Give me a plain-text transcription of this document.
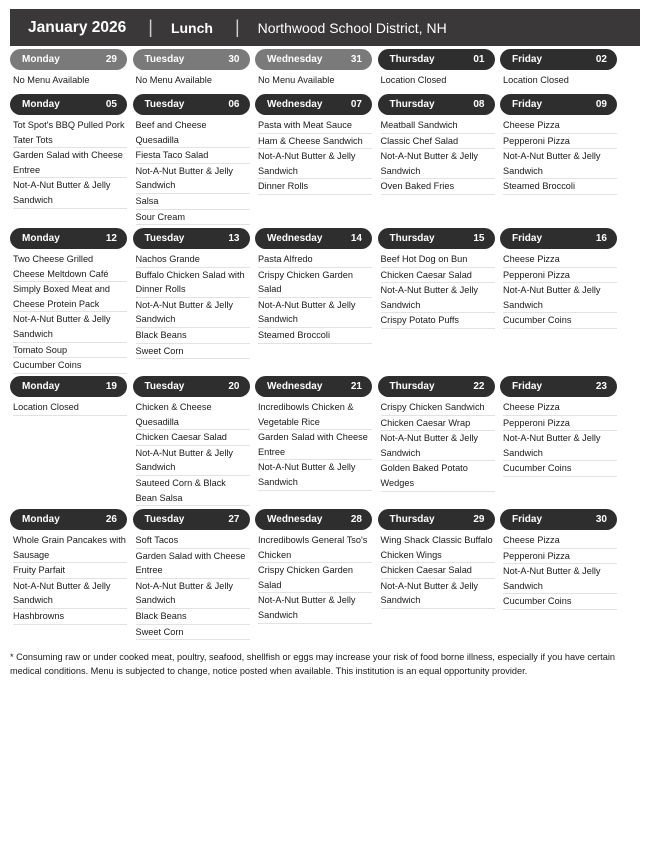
January 2026 | Lunch | Northwood School District, NH
Monday	29
No Menu Available
Tuesday	30
No Menu Available
Wednesday	31
No Menu Available
Thursday	01
Location Closed
Friday	02
Location Closed
Monday	05
Tot Spot's BBQ Pulled Pork Tater Tots
Garden Salad with Cheese Entree
Not-A-Nut Butter & Jelly Sandwich
Tuesday	06
Beef and Cheese Quesadilla
Fiesta Taco Salad
Not-A-Nut Butter & Jelly Sandwich
Salsa
Sour Cream
Wednesday	07
Pasta with Meat Sauce
Ham & Cheese Sandwich
Not-A-Nut Butter & Jelly Sandwich
Dinner Rolls
Thursday	08
Meatball Sandwich
Classic Chef Salad
Not-A-Nut Butter & Jelly Sandwich
Oven Baked Fries
Friday	09
Cheese Pizza
Pepperoni Pizza
Not-A-Nut Butter & Jelly Sandwich
Steamed Broccoli
Monday	12
Two Cheese Grilled Cheese Meltdown Café
Simply Boxed Meat and Cheese Protein Pack
Not-A-Nut Butter & Jelly Sandwich
Tomato Soup
Cucumber Coins
Tuesday	13
Nachos Grande
Buffalo Chicken Salad with Dinner Rolls
Not-A-Nut Butter & Jelly Sandwich
Black Beans
Sweet Corn
Wednesday	14
Pasta Alfredo
Crispy Chicken Garden Salad
Not-A-Nut Butter & Jelly Sandwich
Steamed Broccoli
Thursday	15
Beef Hot Dog on Bun
Chicken Caesar Salad
Not-A-Nut Butter & Jelly Sandwich
Crispy Potato Puffs
Friday	16
Cheese Pizza
Pepperoni Pizza
Not-A-Nut Butter & Jelly Sandwich
Cucumber Coins
Monday	19
Location Closed
Tuesday	20
Chicken & Cheese Quesadilla
Chicken Caesar Salad
Not-A-Nut Butter & Jelly Sandwich
Sauteed Corn & Black Bean Salsa
Wednesday	21
Incredibowls Chicken & Vegetable Rice
Garden Salad with Cheese Entree
Not-A-Nut Butter & Jelly Sandwich
Thursday	22
Crispy Chicken Sandwich
Chicken Caesar Wrap
Not-A-Nut Butter & Jelly Sandwich
Golden Baked Potato Wedges
Friday	23
Cheese Pizza
Pepperoni Pizza
Not-A-Nut Butter & Jelly Sandwich
Cucumber Coins
Monday	26
Whole Grain Pancakes with Sausage
Fruity Parfait
Not-A-Nut Butter & Jelly Sandwich
Hashbrowns
Tuesday	27
Soft Tacos
Garden Salad with Cheese Entree
Not-A-Nut Butter & Jelly Sandwich
Black Beans
Sweet Corn
Wednesday	28
Incredibowls General Tso's Chicken
Crispy Chicken Garden Salad
Not-A-Nut Butter & Jelly Sandwich
Thursday	29
Wing Shack Classic Buffalo Chicken Wings
Chicken Caesar Salad
Not-A-Nut Butter & Jelly Sandwich
Friday	30
Cheese Pizza
Pepperoni Pizza
Not-A-Nut Butter & Jelly Sandwich
Cucumber Coins
* Consuming raw or under cooked meat, poultry, seafood, shellfish or eggs may increase your risk of food borne illness, especially if you have certain medical conditions. Menu is subjected to change, notice posted when available. This institution is an equal opportunity provider.
